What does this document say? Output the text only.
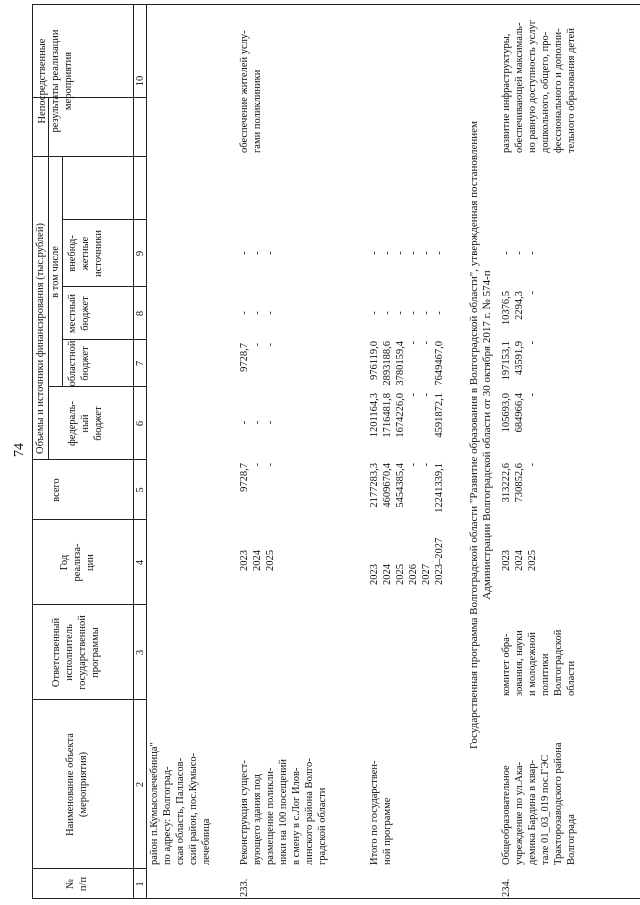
74
№
п/п
Наименование объекта
(мероприятия)
Ответственный
исполнитель
государственной
программы
Год
реализа-
ции
Объемы и источники финансирования (тыс.рублей)
всего
в том числе
федераль-
ный
бюджет
областной
бюджет
местный
бюджет
внебюд-
жетные
источники
Непосредственные
результаты реализации
мероприятия
1
2
3
4
5
6
7
8
9
10
район п.Кумысолечебница"
по адресу: Волгоград-
ская область, Палласов-
ский район, пос.Кумысо-
лечебница
233.
Реконструкция сущест-
вующего здания под
размещение поликли-
ники на 100 посещений
в смену в с.Лог Илов-
линского района Волго-
градской области
2023
2024
2025
9728,7
-
-
-
-
-
9728,7
-
-
-
-
-
-
-
-
обеспечение жителей услу-
гами поликлиники
Итого по государствен-
ной программе
2023
2024
2025
2026
2027
2023–2027
2177283,3
4609670,4
5454385,4
-
-
12241339,1
1201164,3
1716481,8
1674226,0
-
-
4591872,1
976119,0
2893188,6
3780159,4
-
-
7649467,0
-
-
-
-
-
-
-
-
-
-
-
-
Государственная программа Волгоградской области "Развитие образования в Волгоградской области", утвержденная постановлением
Администрации Волгоградской области от 30 октября 2017 г. № 574-п
234.
Общеобразовательное
учреждение по ул.Ака-
демика Бардина в квар-
тале 01_03_019 пос.ГЭС
Тракторозаводского района
Волгограда
комитет обра-
зования, науки
и молодежной
политики
Волгоградской
области
2023
2024
2025
313222,6
730852,6
-
105693,0
684966,4
-
197153,1
43591,9
-
10376,5
2294,3
-
-
-
-
развитие инфраструктуры,
обеспечивающей максималь-
но равную доступность услуг
дошкольного, общего, про-
фессионального и дополни-
тельного образования детей
